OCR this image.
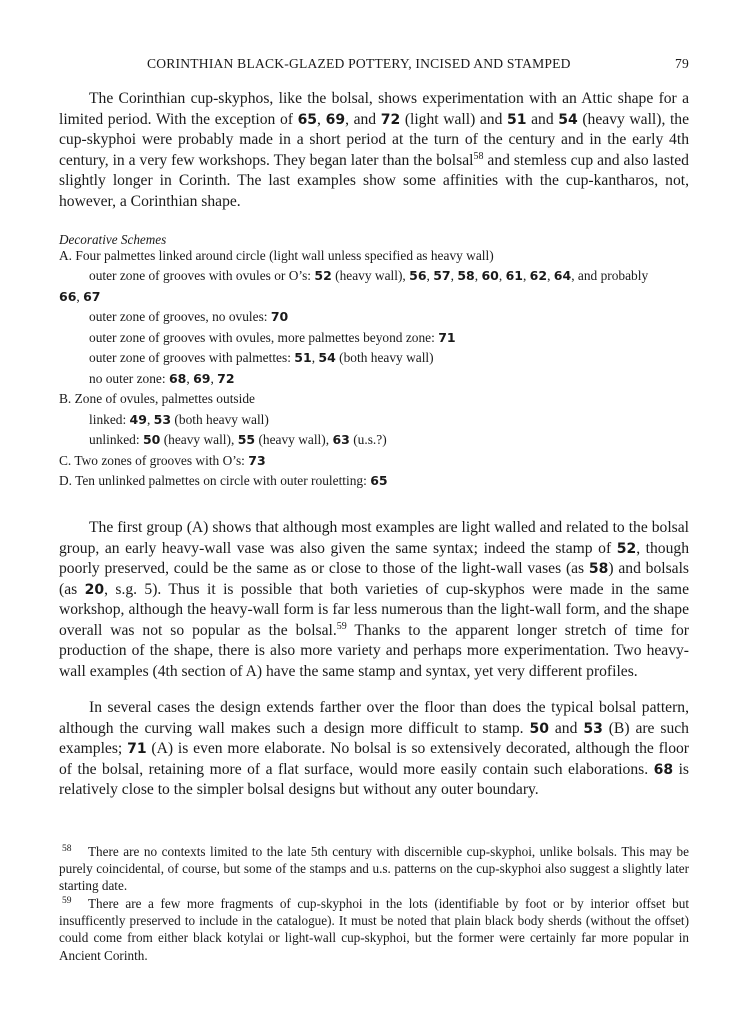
CORINTHIAN BLACK-GLAZED POTTERY, INCISED AND STAMPED	79

The Corinthian cup-skyphos, like the bolsal, shows experimentation with an Attic shape for a limited period. With the exception of 65, 69, and 72 (light wall) and 51 and 54 (heavy wall), the cup-skyphoi were probably made in a short period at the turn of the century and in the early 4th century, in a very few workshops. They began later than the bolsal$^{58}$ and stemless cup and also lasted slightly longer in Corinth. The last examples show some affinities with the cup-kantharos, not, however, a Corinthian shape.

Decorative Schemes
A. Four palmettes linked around circle (light wall unless specified as heavy wall)
outer zone of grooves with ovules or O’s: 52 (heavy wall), 56, 57, 58, 60, 61, 62, 64, and probably
66, 67
outer zone of grooves, no ovules: 70
outer zone of grooves with ovules, more palmettes beyond zone: 71
outer zone of grooves with palmettes: 51, 54 (both heavy wall)
no outer zone: 68, 69, 72
B. Zone of ovules, palmettes outside
linked: 49, 53 (both heavy wall)
unlinked: 50 (heavy wall), 55 (heavy wall), 63 (u.s.?)
C. Two zones of grooves with O’s: 73
D. Ten unlinked palmettes on circle with outer rouletting: 65

The first group (A) shows that although most examples are light walled and related to the bolsal group, an early heavy-wall vase was also given the same syntax; indeed the stamp of 52, though poorly preserved, could be the same as or close to those of the light-wall vases (as 58) and bolsals (as 20, s.g. 5). Thus it is possible that both varieties of cup-skyphos were made in the same workshop, although the heavy-wall form is far less numerous than the light-wall form, and the shape overall was not so popular as the bolsal.$^{59}$ Thanks to the apparent longer stretch of time for production of the shape, there is also more variety and perhaps more experimentation. Two heavy-wall examples (4th section of A) have the same stamp and syntax, yet very different profiles.

In several cases the design extends farther over the floor than does the typical bolsal pattern, although the curving wall makes such a design more difficult to stamp. 50 and 53 (B) are such examples; 71 (A) is even more elaborate. No bolsal is so extensively decorated, although the floor of the bolsal, retaining more of a flat surface, would more easily contain such elaborations. 68 is relatively close to the simpler bolsal designs but without any outer boundary.

58 There are no contexts limited to the late 5th century with discernible cup-skyphoi, unlike bolsals. This may be purely coincidental, of course, but some of the stamps and u.s. patterns on the cup-skyphoi also suggest a slightly later starting date.

59 There are a few more fragments of cup-skyphoi in the lots (identifiable by foot or by interior offset but insufficently preserved to include in the catalogue). It must be noted that plain black body sherds (without the offset) could come from either black kotylai or light-wall cup-skyphoi, but the former were certainly far more popular in Ancient Corinth.
